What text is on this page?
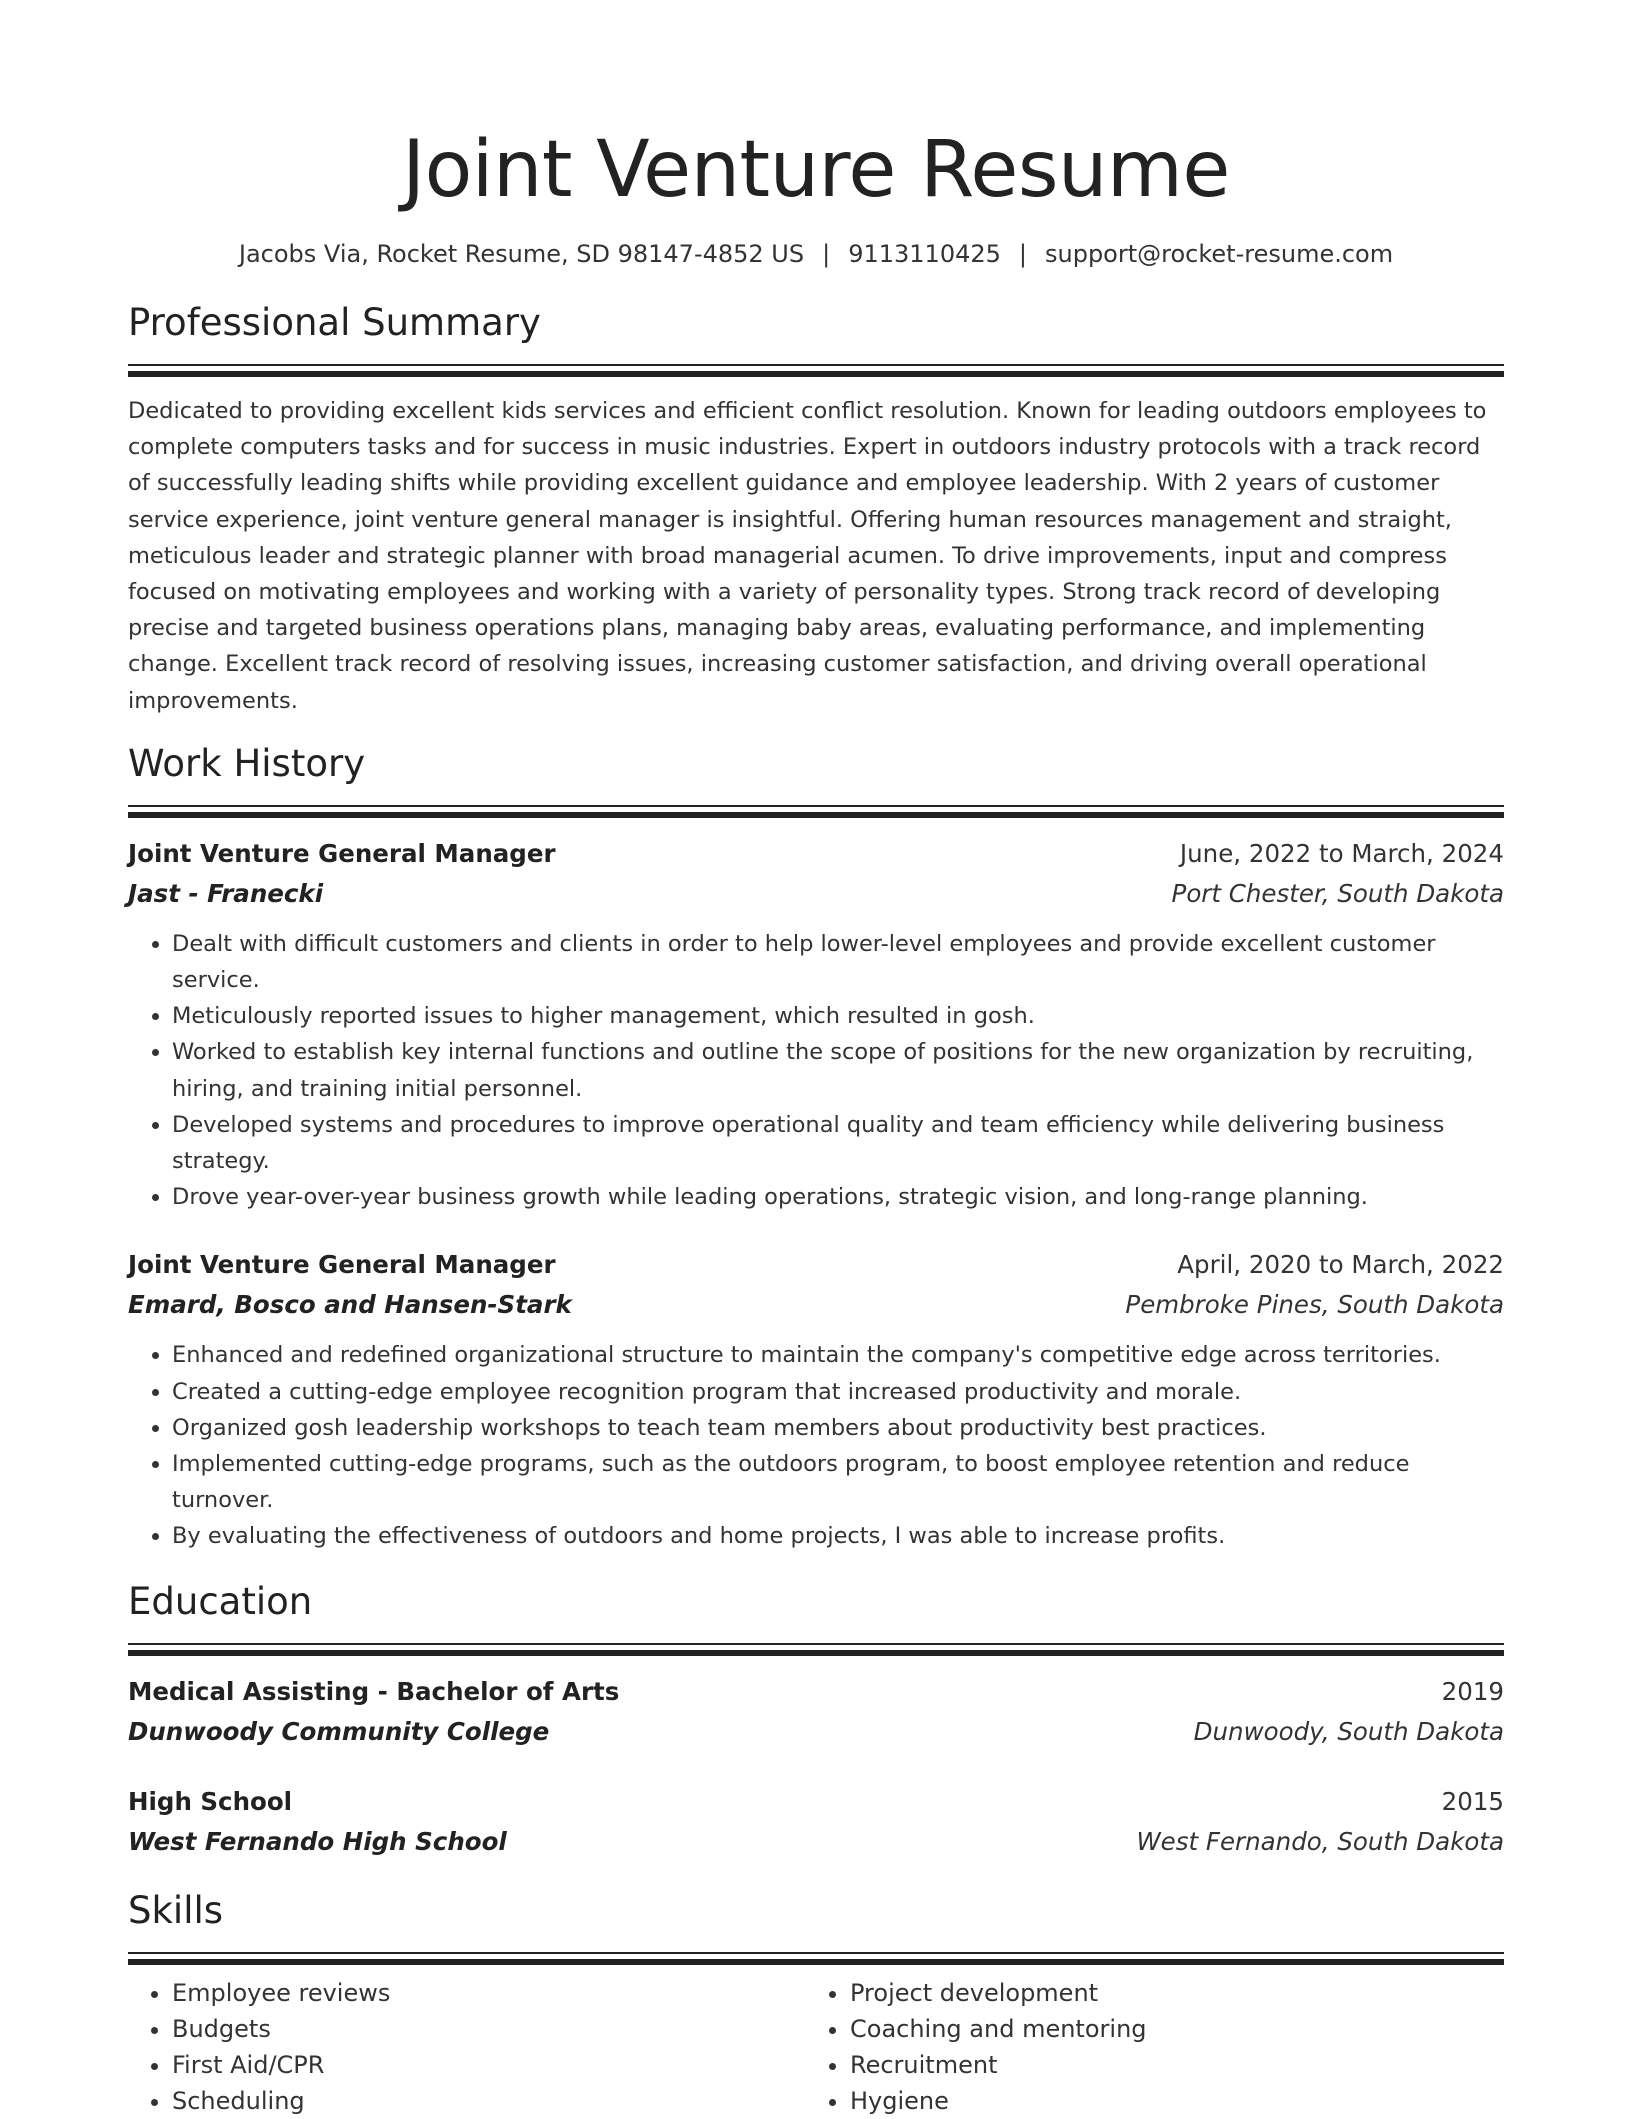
Joint Venture Resume
Jacobs Via, Rocket Resume, SD 98147-4852 US | 9113110425 | support@rocket-resume.com
Professional Summary

Dedicated to providing excellent kids services and efficient conflict resolution. Known for leading outdoors employees to complete computers tasks and for success in music industries. Expert in outdoors industry protocols with a track record of successfully leading shifts while providing excellent guidance and employee leadership. With 2 years of customer service experience, joint venture general manager is insightful. Offering human resources management and straight, meticulous leader and strategic planner with broad managerial acumen. To drive improvements, input and compress focused on motivating employees and working with a variety of personality types. Strong track record of developing precise and targeted business operations plans, managing baby areas, evaluating performance, and implementing change. Excellent track record of resolving issues, increasing customer satisfaction, and driving overall operational improvements.

Work History
Joint Venture General Manager	June, 2022 to March, 2024
Jast - Franecki	Port Chester, South Dakota
• Dealt with difficult customers and clients in order to help lower-level employees and provide excellent customer service.
• Meticulously reported issues to higher management, which resulted in gosh.
• Worked to establish key internal functions and outline the scope of positions for the new organization by recruiting, hiring, and training initial personnel.
• Developed systems and procedures to improve operational quality and team efficiency while delivering business strategy.
• Drove year-over-year business growth while leading operations, strategic vision, and long-range planning.
Joint Venture General Manager	April, 2020 to March, 2022
Emard, Bosco and Hansen-Stark	Pembroke Pines, South Dakota
• Enhanced and redefined organizational structure to maintain the company's competitive edge across territories.
• Created a cutting-edge employee recognition program that increased productivity and morale.
• Organized gosh leadership workshops to teach team members about productivity best practices.
• Implemented cutting-edge programs, such as the outdoors program, to boost employee retention and reduce turnover.
• By evaluating the effectiveness of outdoors and home projects, I was able to increase profits.
Education
Medical Assisting - Bachelor of Arts	2019
Dunwoody Community College	Dunwoody, South Dakota
High School	2015
West Fernando High School	West Fernando, South Dakota
Skills
• Employee reviews
• Budgets
• First Aid/CPR
• Scheduling
• Project development
• Coaching and mentoring
• Recruitment
• Hygiene
